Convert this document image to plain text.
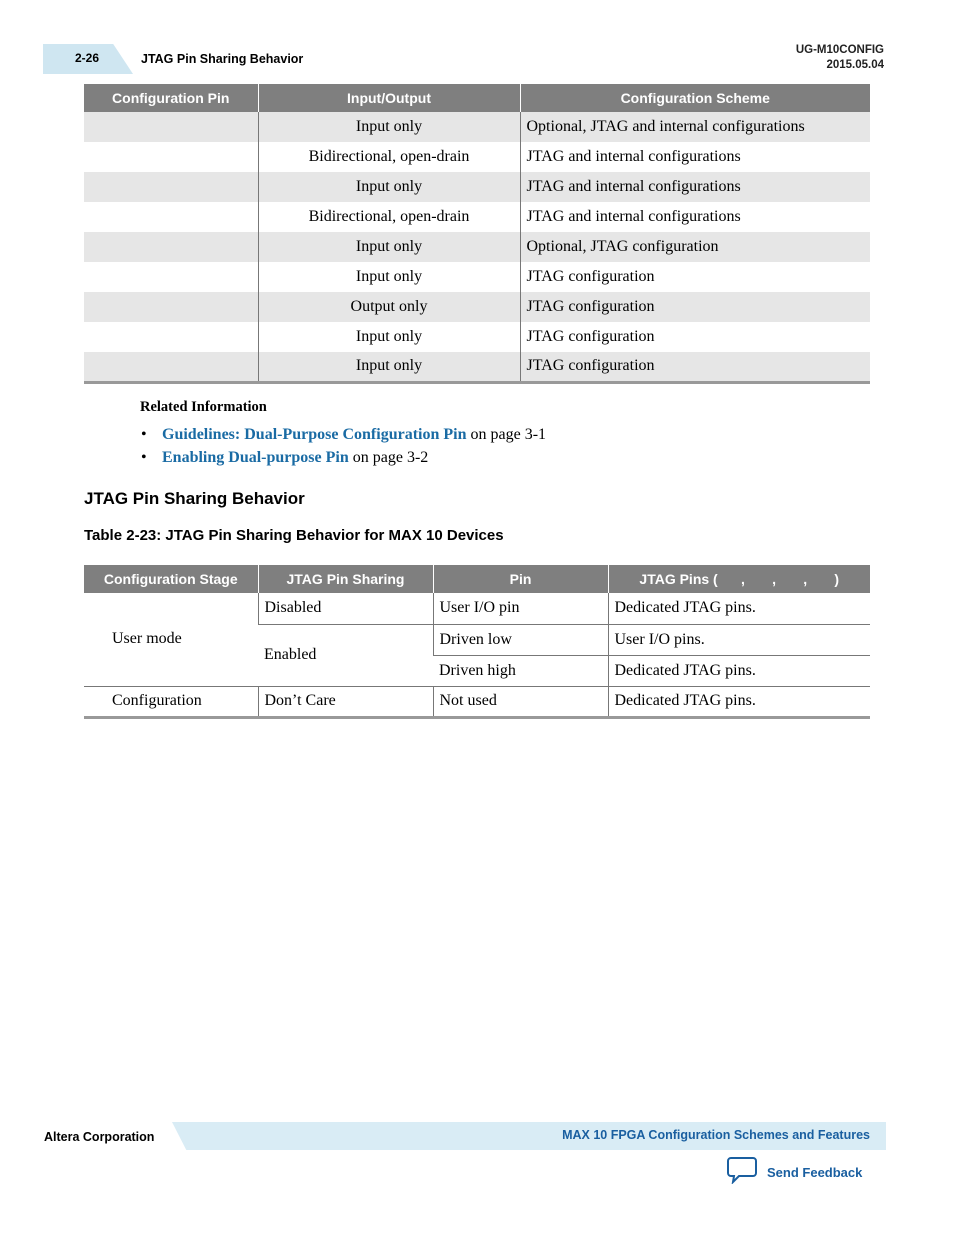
2-26	JTAG Pin Sharing Behavior
UG-M10CONFIG
2015.05.04
Configuration Pin	Input/Output	Configuration Scheme
	Input only	Optional, JTAG and internal configurations
	Bidirectional, open-drain	JTAG and internal configurations
	Input only	JTAG and internal configurations
	Bidirectional, open-drain	JTAG and internal configurations
	Input only	Optional, JTAG configuration
	Input only	JTAG configuration
	Output only	JTAG configuration
	Input only	JTAG configuration
	Input only	JTAG configuration
Related Information
• Guidelines: Dual-Purpose Configuration Pin on page 3-1
• Enabling Dual-purpose Pin on page 3-2
JTAG Pin Sharing Behavior
Table 2-23: JTAG Pin Sharing Behavior for MAX 10 Devices
Configuration Stage	JTAG Pin Sharing	Pin	JTAG Pins (      ,       ,       ,       )
User mode	Disabled	User I/O pin	Dedicated JTAG pins.
	Enabled	Driven low	User I/O pins.
		Driven high	Dedicated JTAG pins.
Configuration	Don’t Care	Not used	Dedicated JTAG pins.
Altera Corporation	MAX 10 FPGA Configuration Schemes and Features
Send Feedback
